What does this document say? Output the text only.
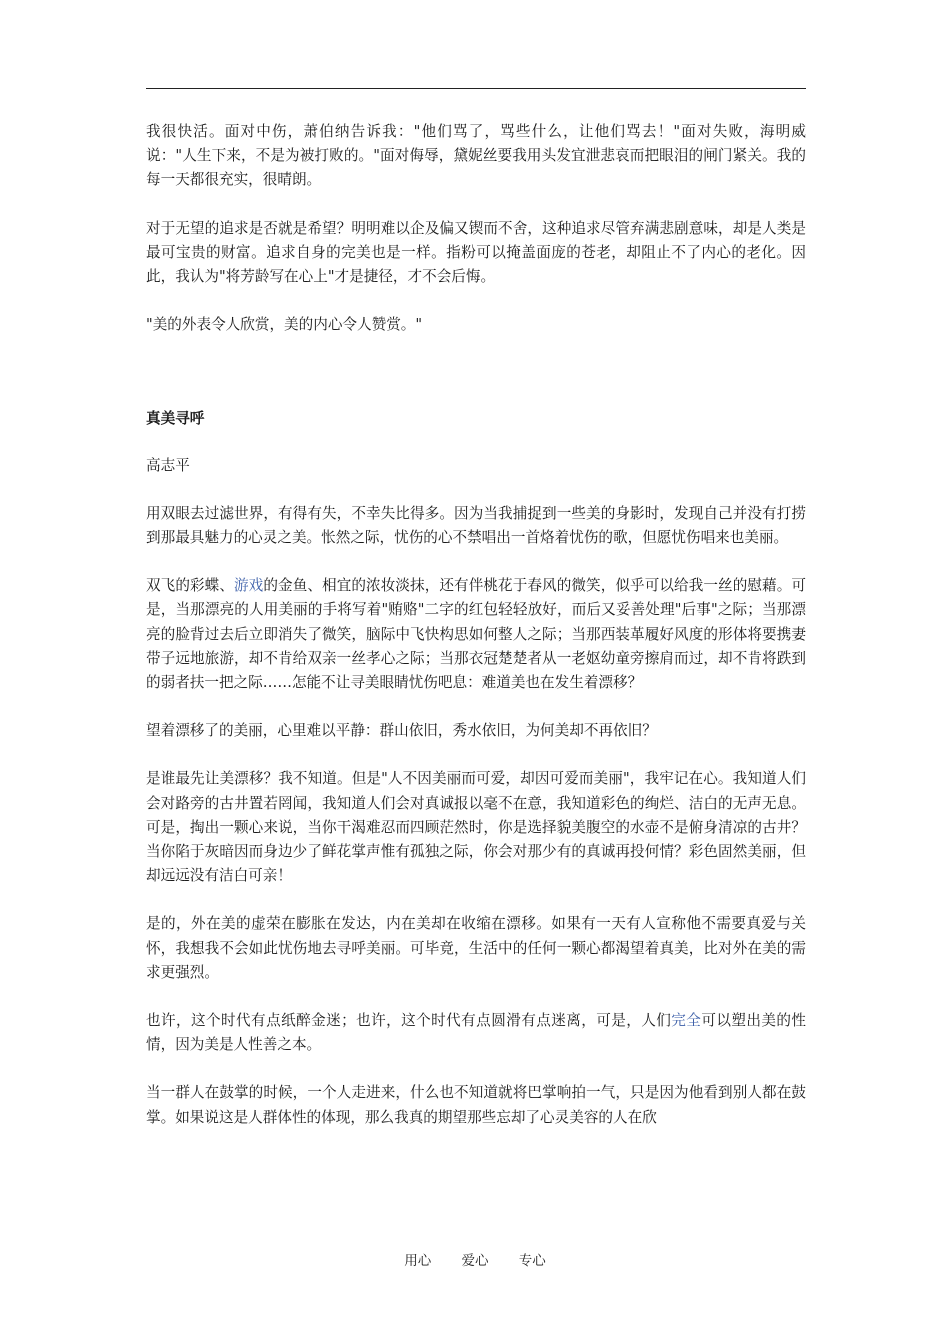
我很快活。面对中伤，萧伯纳告诉我："他们骂了，骂些什么，让他们骂去！"面对失败，海明威说："人生下来，不是为被打败的。"面对侮辱，黛妮丝要我用头发宜泄悲哀而把眼泪的闸门紧关。我的每一天都很充实，很晴朗。

对于无望的追求是否就是希望？明明难以企及偏又锲而不舍，这种追求尽管弃满悲剧意味，却是人类是最可宝贵的财富。追求自身的完美也是一样。指粉可以掩盖面庞的苍老，却阻止不了内心的老化。因此，我认为"将芳龄写在心上"才是捷径，才不会后悔。

"美的外表令人欣赏，美的内心令人赞赏。"

真美寻呼

高志平

用双眼去过滤世界，有得有失，不幸失比得多。因为当我捕捉到一些美的身影时，发现自己并没有打捞到那最具魅力的心灵之美。怅然之际，忧伤的心不禁唱出一首烙着忧伤的歌，但愿忧伤唱来也美丽。

双飞的彩蝶、游戏的金鱼、相宜的浓妆淡抹，还有伴桃花于春风的微笑，似乎可以给我一丝的慰藉。可是，当那漂亮的人用美丽的手将写着"贿赂"二字的红包轻轻放好，而后又妥善处理"后事"之际；当那漂亮的脸背过去后立即消失了微笑，脑际中飞快构思如何整人之际；当那西装革履好风度的形体将要携妻带子远地旅游，却不肯给双亲一丝孝心之际；当那衣冠楚楚者从一老妪幼童旁擦肩而过，却不肯将跌到的弱者扶一把之际……怎能不让寻美眼睛忧伤吧息：难道美也在发生着漂移？

望着漂移了的美丽，心里难以平静：群山依旧，秀水依旧，为何美却不再依旧？

是谁最先让美漂移？我不知道。但是"人不因美丽而可爱，却因可爱而美丽"，我牢记在心。我知道人们会对路旁的古井置若罔闻，我知道人们会对真诚报以毫不在意，我知道彩色的绚烂、洁白的无声无息。可是，掏出一颗心来说，当你干渴难忍而四顾茫然时，你是选择貌美腹空的水壶不是俯身清凉的古井？当你陷于灰暗因而身边少了鲜花掌声惟有孤独之际，你会对那少有的真诚再投何情？彩色固然美丽，但却远远没有洁白可亲！

是的，外在美的虚荣在膨胀在发达，内在美却在收缩在漂移。如果有一天有人宣称他不需要真爱与关怀，我想我不会如此忧伤地去寻呼美丽。可毕竟，生活中的任何一颗心都渴望着真美，比对外在美的需求更强烈。

也许，这个时代有点纸醉金迷；也许，这个时代有点圆滑有点迷离，可是，人们完全可以塑出美的性情，因为美是人性善之本。

当一群人在鼓掌的时候，一个人走进来，什么也不知道就将巴掌响拍一气，只是因为他看到别人都在鼓掌。如果说这是人群体性的体现，那么我真的期望那些忘却了心灵美容的人在欣

用心 爱心 专心
